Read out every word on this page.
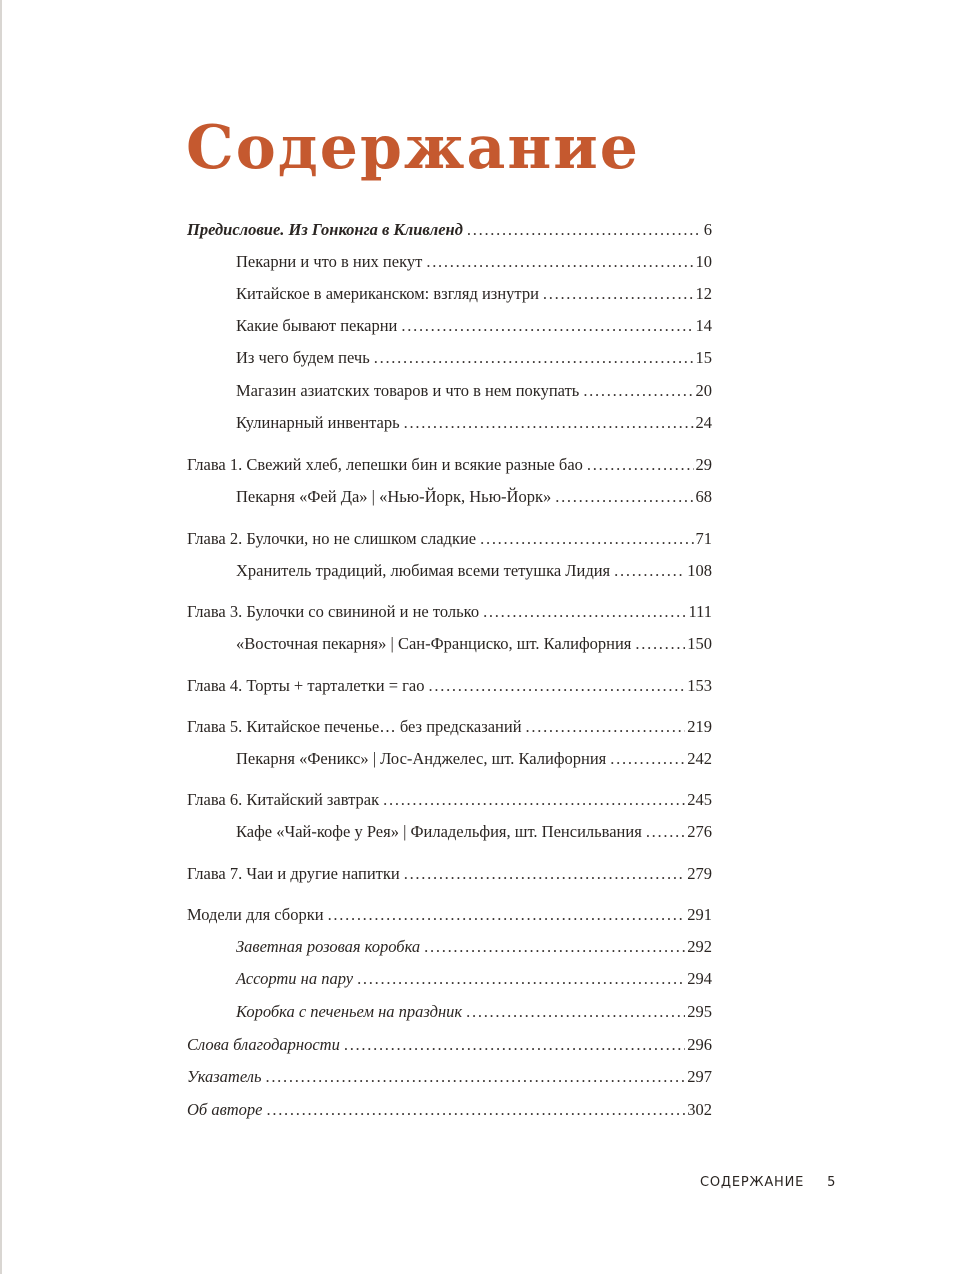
Содержание
Предисловие. Из Гонконга в Кливленд . . .	6
Пекарни и что в них пекут . . .	10
Китайское в американском: взгляд изнутри . . .	12
Какие бывают пекарни . . .	14
Из чего будем печь . . .	15
Магазин азиатских товаров и что в нем покупать . . .	20
Кулинарный инвентарь . . .	24
Глава 1. Свежий хлеб, лепешки бин и всякие разные бао . . .	29
Пекарня «Фей Да» | «Нью-Йорк, Нью-Йорк» . . .	68
Глава 2. Булочки, но не слишком сладкие . . .	71
Хранитель традиций, любимая всеми тетушка Лидия . . .	108
Глава 3. Булочки со свининой и не только . . .	111
«Восточная пекарня» | Сан-Франциско, шт. Калифорния . . .	150
Глава 4. Торты + тарталетки = гао . . .	153
Глава 5. Китайское печенье… без предсказаний . . .	219
Пекарня «Феникс» | Лос-Анджелес, шт. Калифорния . . .	242
Глава 6. Китайский завтрак . . .	245
Кафе «Чай-кофе у Рея» | Филадельфия, шт. Пенсильвания . . .	276
Глава 7. Чаи и другие напитки . . .	279
Модели для сборки . . .	291
Заветная розовая коробка . . .	292
Ассорти на пару . . .	294
Коробка с печеньем на праздник . . .	295
Слова благодарности . . .	296
Указатель . . .	297
Об авторе . . .	302
СОДЕРЖАНИЕ 5
